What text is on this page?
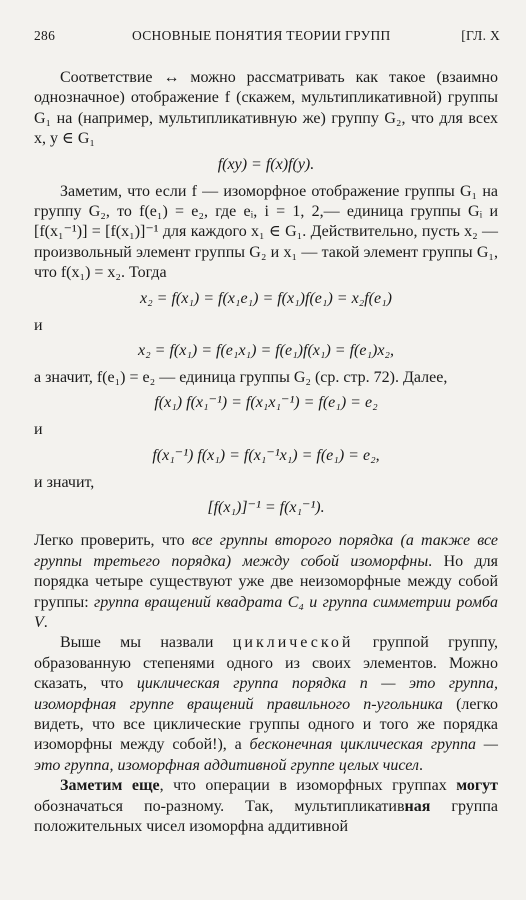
286	ОСНОВНЫЕ ПОНЯТИЯ ТЕОРИИ ГРУПП	[ГЛ. X

Соответствие ↔ можно рассматривать как такое (взаимно однозначное) отображение f (скажем, мультипликативной) группы G₁ на (например, мультипликативную же) группу G₂, что для всех x, y ∈ G₁

f(xy) = f(x)f(y).

Заметим, что если f — изоморфное отображение группы G₁ на группу G₂, то f(e₁) = e₂, где eᵢ, i = 1, 2,— единица группы Gᵢ и [f(x₁⁻¹)] = [f(x₁)]⁻¹ для каждого x₁ ∈ G₁. Действительно, пусть x₂ — произвольный элемент группы G₂ и x₁ — такой элемент группы G₁, что f(x₁) = x₂. Тогда

x₂ = f(x₁) = f(x₁e₁) = f(x₁)f(e₁) = x₂f(e₁)
и
x₂ = f(x₁) = f(e₁x₁) = f(e₁)f(x₁) = f(e₁)x₂,

а значит, f(e₁) = e₂ — единица группы G₂ (ср. стр. 72). Далее,

f(x₁) f(x₁⁻¹) = f(x₁x₁⁻¹) = f(e₁) = e₂
и
f(x₁⁻¹) f(x₁) = f(x₁⁻¹x₁) = f(e₁) = e₂,
и значит,
[f(x₁)]⁻¹ = f(x₁⁻¹).

Легко проверить, что все группы второго порядка (а также все группы третьего порядка) между собой изоморфны. Но для порядка четыре существуют уже две неизоморфные между собой группы: группа вращений квадрата C₄ и группа симметрии ромба V.

Выше мы назвали циклической группой группу, образованную степенями одного из своих элементов. Можно сказать, что циклическая группа порядка n — это группа, изоморфная группе вращений правильного n-угольника (легко видеть, что все циклические группы одного и того же порядка изоморфны между собой!), а бесконечная циклическая группа — это группа, изоморфная аддитивной группе целых чисел.

Заметим еще, что операции в изоморфных группах могут обозначаться по-разному. Так, мультипликативная группа положительных чисел изоморфна аддитивной
